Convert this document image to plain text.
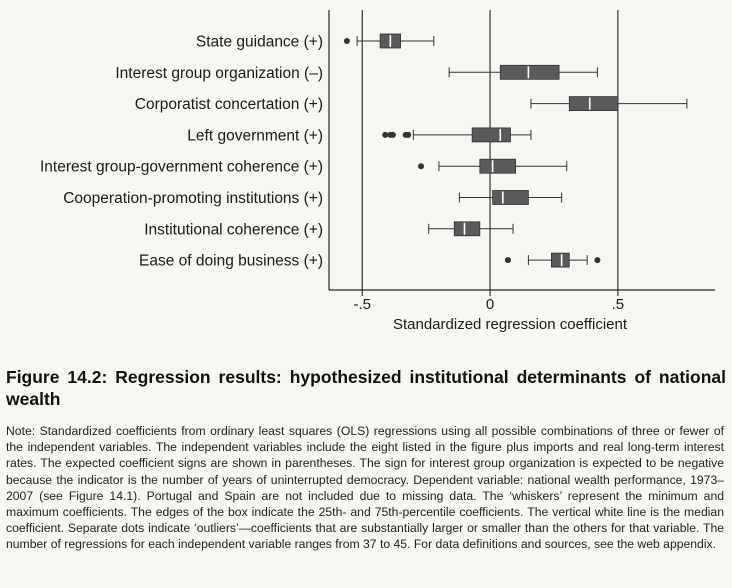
State guidance (+)
Interest group organization (–)
Corporatist concertation (+)
Left government (+)
Interest group-government coherence (+)
Cooperation-promoting institutions (+)
Institutional coherence (+)
Ease of doing business (+)
-.5	0	.5
Standardized regression coefficient
Figure 14.2: Regression results: hypothesized institutional determinants of national wealth
Note: Standardized coefficients from ordinary least squares (OLS) regressions using all possible combinations of three or fewer of the independent variables. The independent variables include the eight listed in the figure plus imports and real long-term interest rates. The expected coefficient signs are shown in parentheses. The sign for interest group organization is expected to be negative because the indicator is the number of years of uninterrupted democracy. Dependent variable: national wealth performance, 1973–2007 (see Figure 14.1). Portugal and Spain are not included due to missing data. The ‘whiskers’ represent the minimum and maximum coefficients. The edges of the box indicate the 25th- and 75th-percentile coefficients. The vertical white line is the median coefficient. Separate dots indicate ‘outliers’—coefficients that are substantially larger or smaller than the others for that variable. The number of regressions for each independent variable ranges from 37 to 45. For data definitions and sources, see the web appendix.
